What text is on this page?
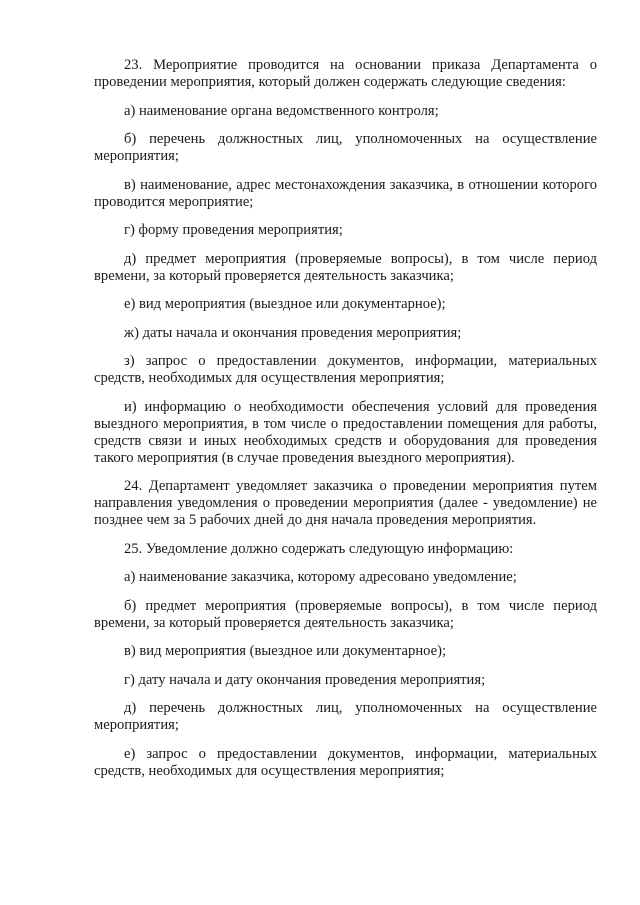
23. Мероприятие проводится на основании приказа Департамента о проведении мероприятия, который должен содержать следующие сведения:

а) наименование органа ведомственного контроля;

б) перечень должностных лиц, уполномоченных на осуществление мероприятия;

в) наименование, адрес местонахождения заказчика, в отношении которого проводится мероприятие;

г) форму проведения мероприятия;

д) предмет мероприятия (проверяемые вопросы), в том числе период времени, за который проверяется деятельность заказчика;

е) вид мероприятия (выездное или документарное);

ж) даты начала и окончания проведения мероприятия;

з) запрос о предоставлении документов, информации, материальных средств, необходимых для осуществления мероприятия;

и) информацию о необходимости обеспечения условий для проведения выездного мероприятия, в том числе о предоставлении помещения для работы, средств связи и иных необходимых средств и оборудования для проведения такого мероприятия (в случае проведения выездного мероприятия).

24. Департамент уведомляет заказчика о проведении мероприятия путем направления уведомления о проведении мероприятия (далее - уведомление) не позднее чем за 5 рабочих дней до дня начала проведения мероприятия.

25. Уведомление должно содержать следующую информацию:

а) наименование заказчика, которому адресовано уведомление;

б) предмет мероприятия (проверяемые вопросы), в том числе период времени, за который проверяется деятельность заказчика;

в) вид мероприятия (выездное или документарное);

г) дату начала и дату окончания проведения мероприятия;

д) перечень должностных лиц, уполномоченных на осуществление мероприятия;

е) запрос о предоставлении документов, информации, материальных средств, необходимых для осуществления мероприятия;
